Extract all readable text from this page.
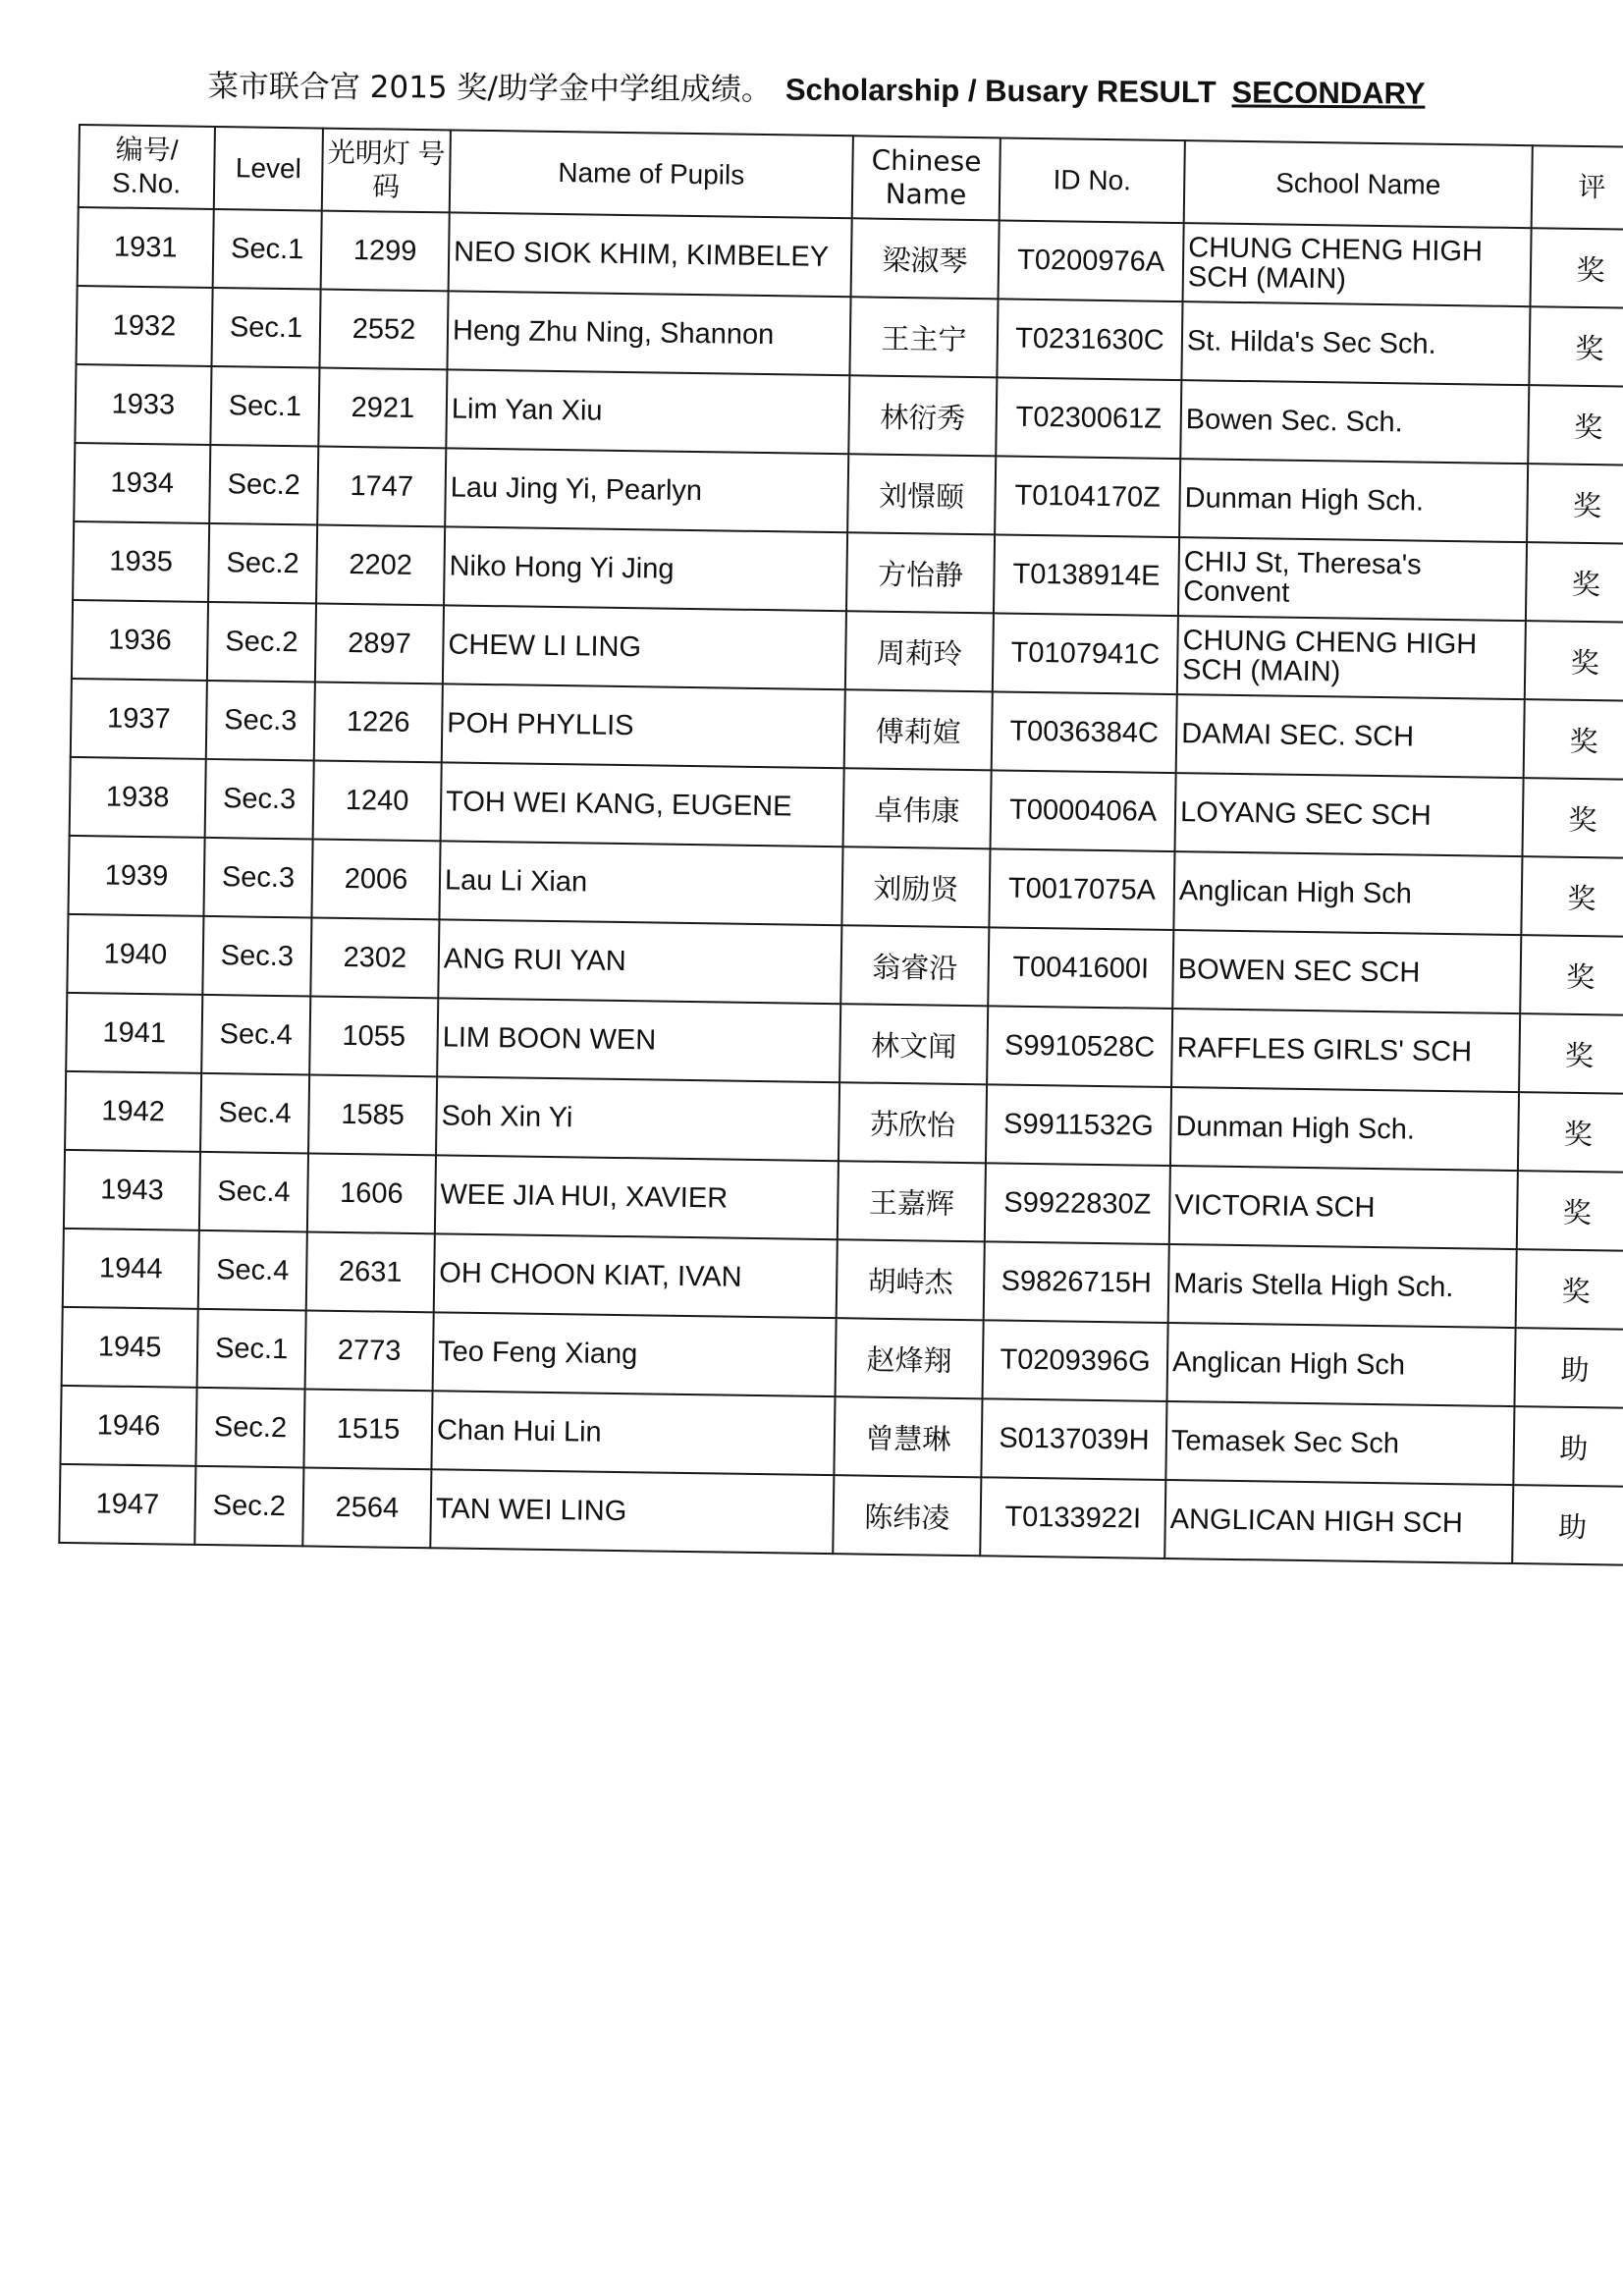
菜市联合宫 2015 奖/助学金中学组成绩。 Scholarship / Busary RESULT SECONDARY
编号/ S.No.	Level	光明灯 号码	Name of Pupils	Chinese Name	ID No.	School Name	评
1931	Sec.1	1299	NEO SIOK KHIM, KIMBELEY	梁淑琴	T0200976A	CHUNG CHENG HIGH SCH (MAIN)	奖
1932	Sec.1	2552	Heng Zhu Ning, Shannon	王主宁	T0231630C	St. Hilda's Sec Sch.	奖
1933	Sec.1	2921	Lim Yan Xiu	林衍秀	T0230061Z	Bowen Sec. Sch.	奖
1934	Sec.2	1747	Lau Jing Yi, Pearlyn	刘憬颐	T0104170Z	Dunman High Sch.	奖
1935	Sec.2	2202	Niko Hong Yi Jing	方怡静	T0138914E	CHIJ St, Theresa's Convent	奖
1936	Sec.2	2897	CHEW LI LING	周莉玲	T0107941C	CHUNG CHENG HIGH SCH (MAIN)	奖
1937	Sec.3	1226	POH PHYLLIS	傅莉媗	T0036384C	DAMAI SEC. SCH	奖
1938	Sec.3	1240	TOH WEI KANG, EUGENE	卓伟康	T0000406A	LOYANG SEC SCH	奖
1939	Sec.3	2006	Lau Li Xian	刘励贤	T0017075A	Anglican High Sch	奖
1940	Sec.3	2302	ANG RUI YAN	翁睿沿	T0041600I	BOWEN SEC SCH	奖
1941	Sec.4	1055	LIM BOON WEN	林文闻	S9910528C	RAFFLES GIRLS' SCH	奖
1942	Sec.4	1585	Soh Xin Yi	苏欣怡	S9911532G	Dunman High Sch.	奖
1943	Sec.4	1606	WEE JIA HUI, XAVIER	王嘉辉	S9922830Z	VICTORIA SCH	奖
1944	Sec.4	2631	OH CHOON KIAT, IVAN	胡峙杰	S9826715H	Maris Stella High Sch.	奖
1945	Sec.1	2773	Teo Feng Xiang	赵烽翔	T0209396G	Anglican High Sch	助
1946	Sec.2	1515	Chan Hui Lin	曾慧琳	S0137039H	Temasek Sec Sch	助
1947	Sec.2	2564	TAN WEI LING	陈纬凌	T0133922I	ANGLICAN HIGH SCH	助
